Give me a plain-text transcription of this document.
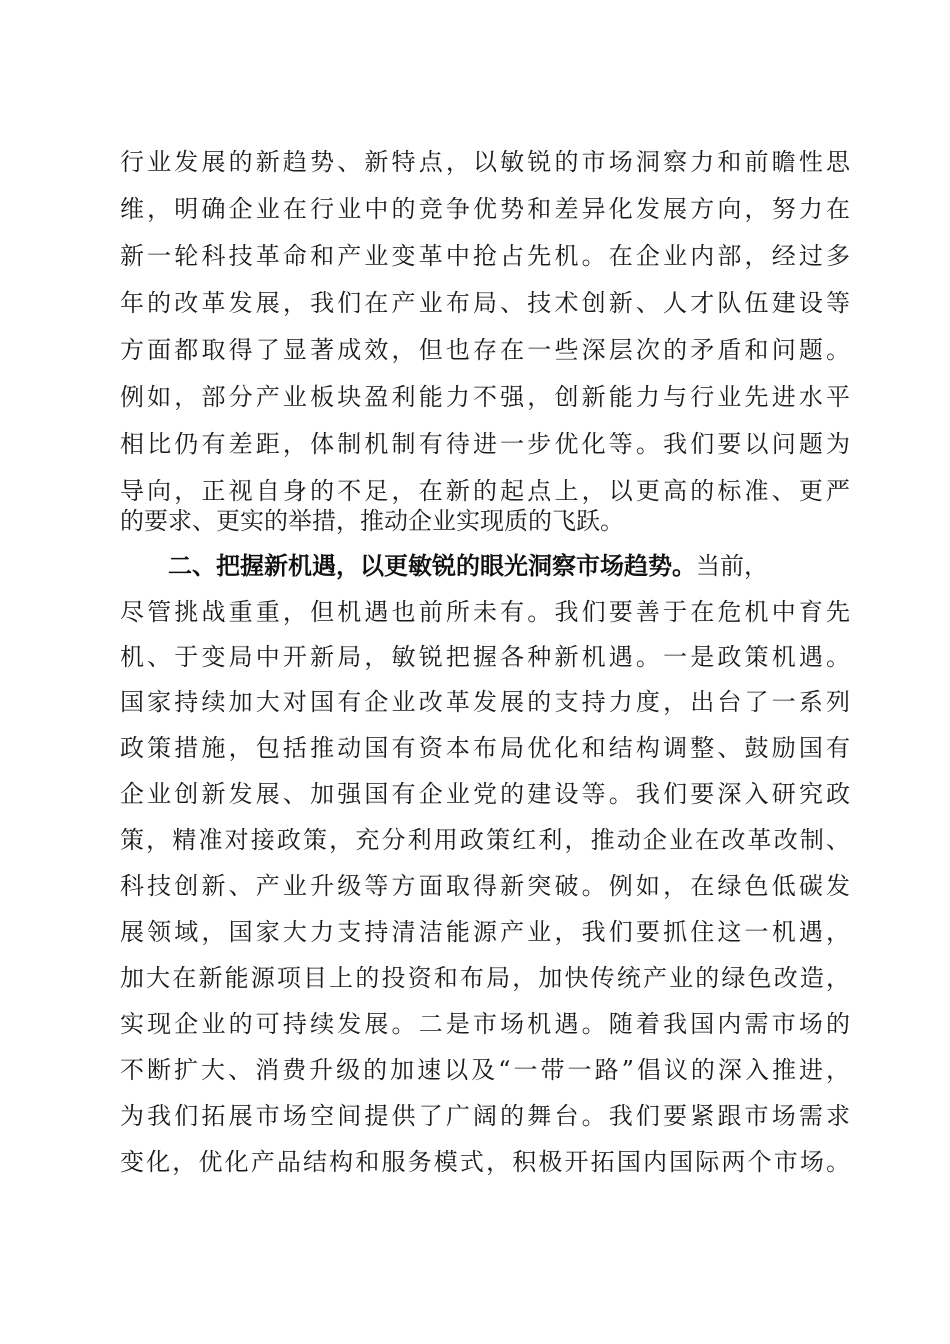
行业发展的新趋势、新特点，以敏锐的市场洞察力和前瞻性思
维，明确企业在行业中的竞争优势和差异化发展方向，努力在
新一轮科技革命和产业变革中抢占先机。在企业内部，经过多
年的改革发展，我们在产业布局、技术创新、人才队伍建设等
方面都取得了显著成效，但也存在一些深层次的矛盾和问题。
例如，部分产业板块盈利能力不强，创新能力与行业先进水平
相比仍有差距，体制机制有待进一步优化等。我们要以问题为
导向，正视自身的不足，在新的起点上，以更高的标准、更严
的要求、更实的举措，推动企业实现质的飞跃。
二、把握新机遇，以更敏锐的眼光洞察市场趋势。当前，
尽管挑战重重，但机遇也前所未有。我们要善于在危机中育先
机、于变局中开新局，敏锐把握各种新机遇。一是政策机遇。
国家持续加大对国有企业改革发展的支持力度，出台了一系列
政策措施，包括推动国有资本布局优化和结构调整、鼓励国有
企业创新发展、加强国有企业党的建设等。我们要深入研究政
策，精准对接政策，充分利用政策红利，推动企业在改革改制、
科技创新、产业升级等方面取得新突破。例如，在绿色低碳发
展领域，国家大力支持清洁能源产业，我们要抓住这一机遇，
加大在新能源项目上的投资和布局，加快传统产业的绿色改造，
实现企业的可持续发展。二是市场机遇。随着我国内需市场的
不断扩大、消费升级的加速以及“一带一路”倡议的深入推进，
为我们拓展市场空间提供了广阔的舞台。我们要紧跟市场需求
变化，优化产品结构和服务模式，积极开拓国内国际两个市场。
